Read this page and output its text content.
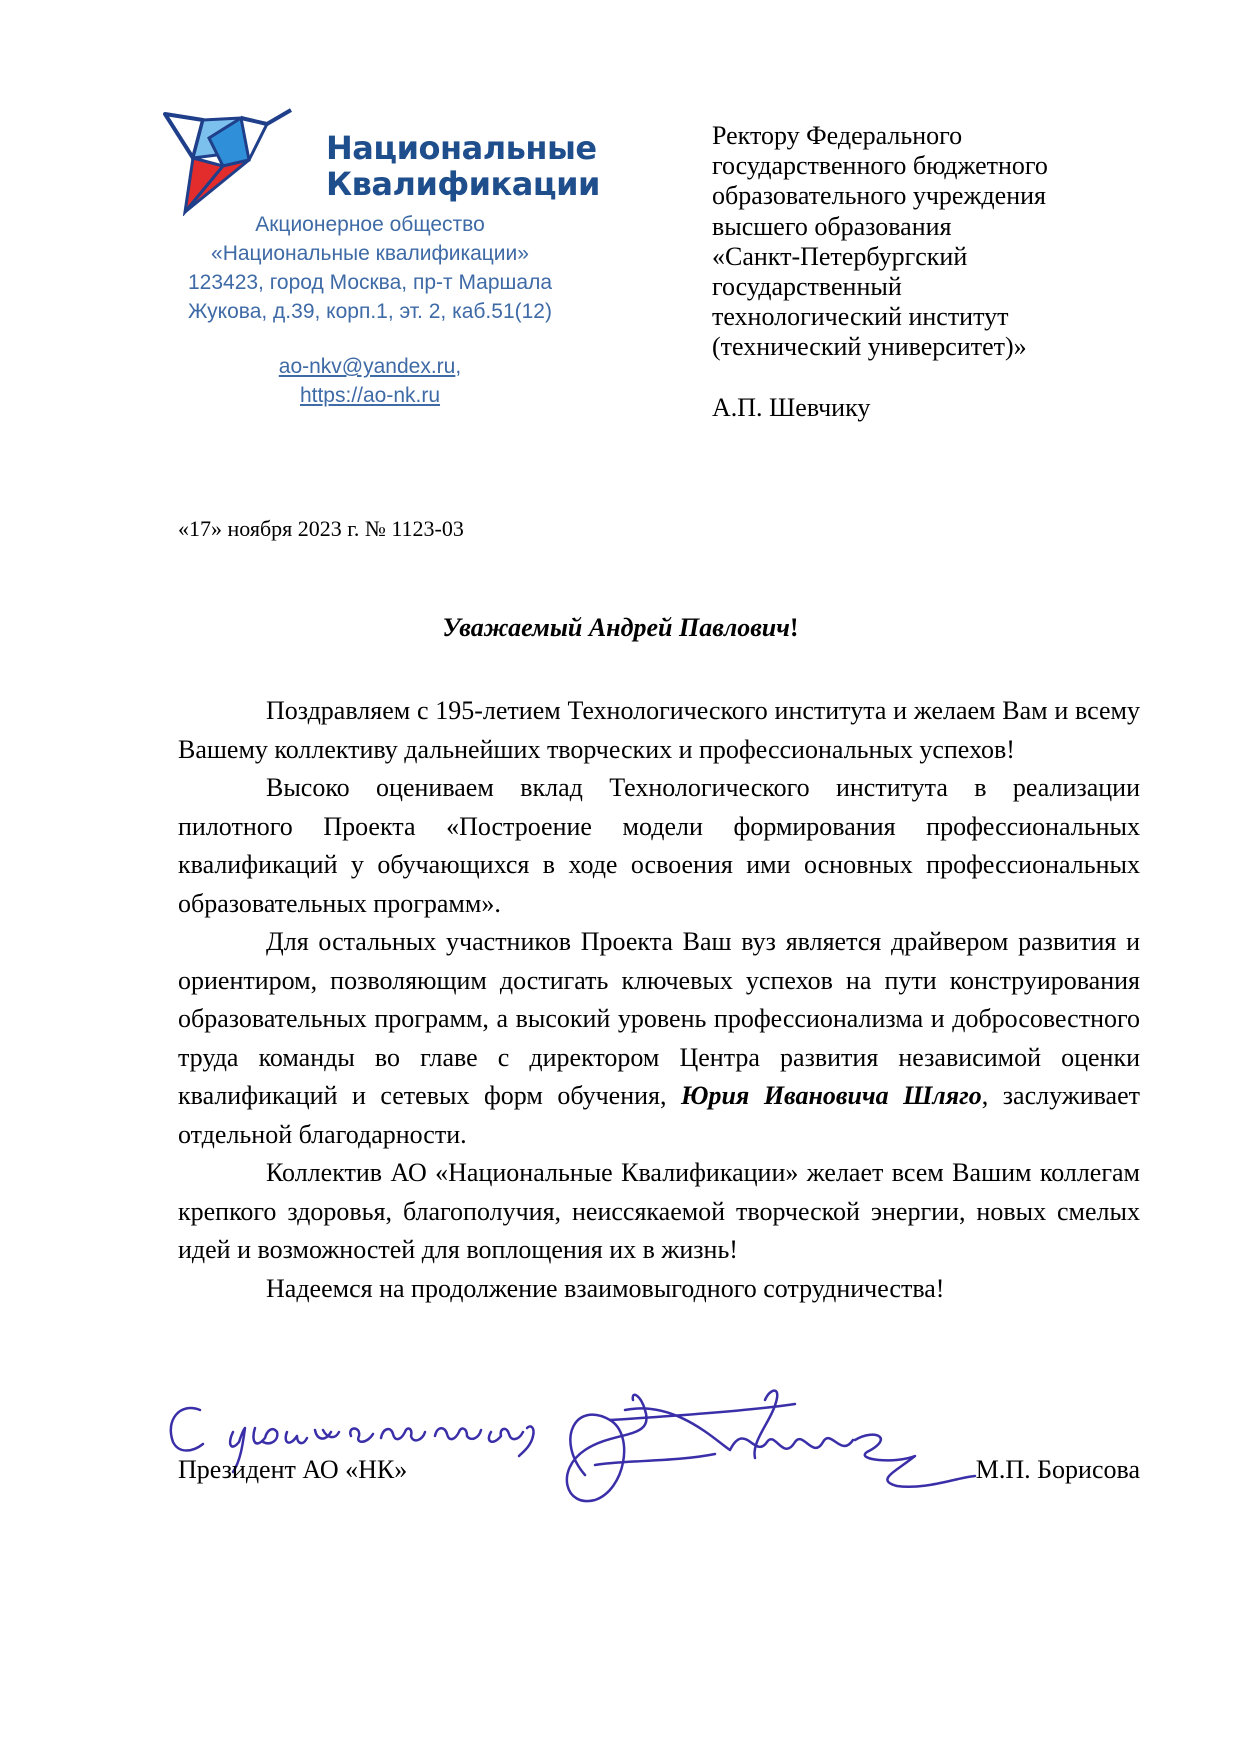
Национальные
Квалификации
Акционерное общество
«Национальные квалификации»
123423, город Москва, пр-т Маршала
Жукова, д.39, корп.1, эт. 2, каб.51(12)
ao-nkv@yandex.ru,
https://ao-nk.ru
Ректору Федерального
государственного бюджетного
образовательного учреждения
высшего образования
«Санкт-Петербургский
государственный
технологический институт
(технический университет)»
А.П. Шевчику
«17» ноября 2023 г. № 1123-03
Уважаемый Андрей Павлович!

Поздравляем с 195-летием Технологического института и желаем Вам и всему Вашему коллективу дальнейших творческих и профессиональных успехов!

Высоко оцениваем вклад Технологического института в реализации пилотного Проекта «Построение модели формирования профессиональных квалификаций у обучающихся в ходе освоения ими основных профессиональных образовательных программ».

Для остальных участников Проекта Ваш вуз является драйвером развития и ориентиром, позволяющим достигать ключевых успехов на пути конструирования образовательных программ, а высокий уровень профессионализма и добросовестного труда команды во главе с директором Центра развития независимой оценки квалификаций и сетевых форм обучения, Юрия Ивановича Шляго, заслуживает отдельной благодарности.

Коллектив АО «Национальные Квалификации» желает всем Вашим коллегам крепкого здоровья, благополучия, неиссякаемой творческой энергии, новых смелых идей и возможностей для воплощения их в жизнь!

Надеемся на продолжение взаимовыгодного сотрудничества!

Президент АО «НК»	М.П. Борисова
